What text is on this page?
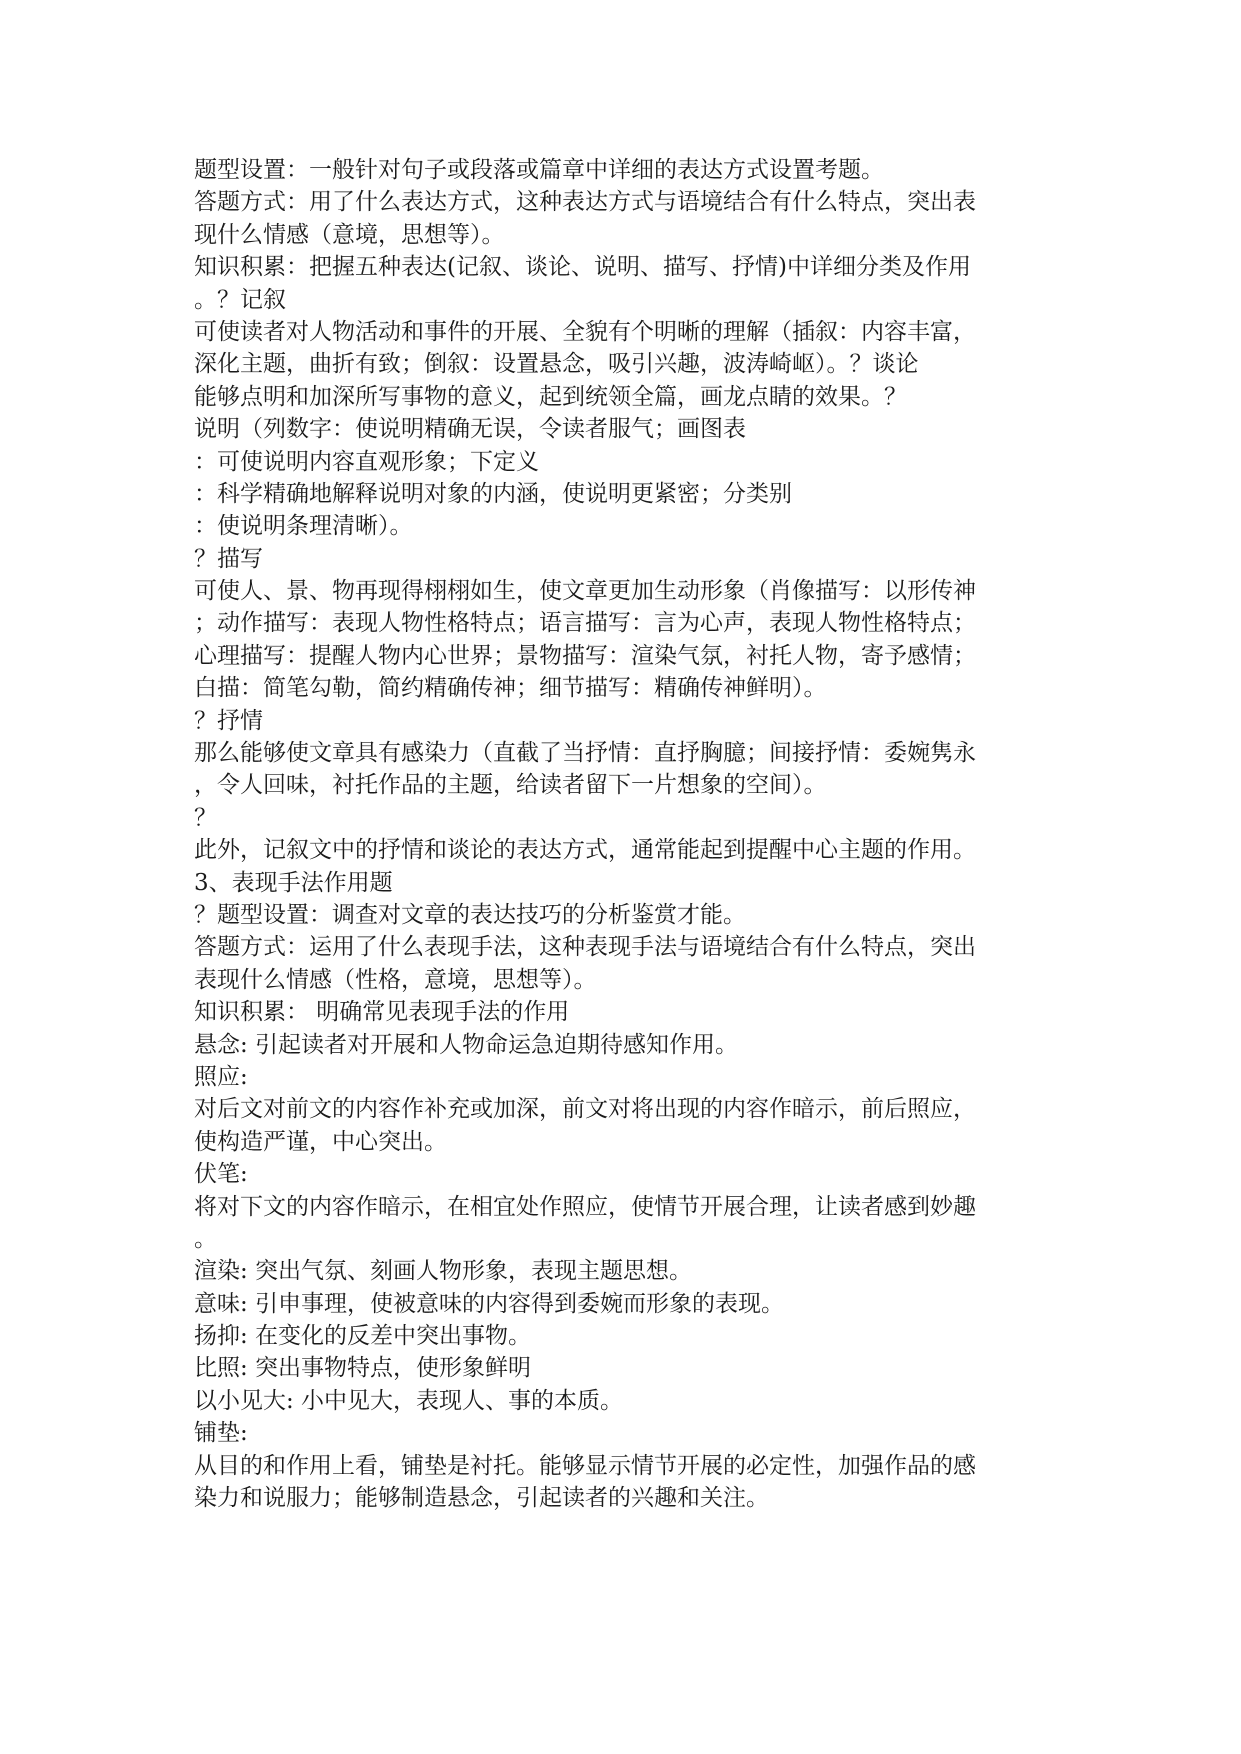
题型设置：一般针对句子或段落或篇章中详细的表达方式设置考题。

答题方式：用了什么表达方式，这种表达方式与语境结合有什么特点，突出表

现什么情感（意境，思想等）。

知识积累：把握五种表达(记叙、谈论、说明、描写、抒情)中详细分类及作用

。？记叙

可使读者对人物活动和事件的开展、全貌有个明晰的理解（插叙：内容丰富，

深化主题，曲折有致；倒叙：设置悬念，吸引兴趣，波涛崎岖）。？谈论

能够点明和加深所写事物的意义，起到统领全篇，画龙点睛的效果。？

说明（列数字：使说明精确无误，令读者服气；画图表

：可使说明内容直观形象；下定义

：科学精确地解释说明对象的内涵，使说明更紧密；分类别

：使说明条理清晰）。

？描写

可使人、景、物再现得栩栩如生，使文章更加生动形象（肖像描写：以形传神

；动作描写：表现人物性格特点；语言描写：言为心声，表现人物性格特点；

心理描写：提醒人物内心世界；景物描写：渲染气氛，衬托人物，寄予感情；

白描：简笔勾勒，简约精确传神；细节描写：精确传神鲜明）。

？抒情

那么能够使文章具有感染力（直截了当抒情：直抒胸臆；间接抒情：委婉隽永

，令人回味，衬托作品的主题，给读者留下一片想象的空间）。

？

此外，记叙文中的抒情和谈论的表达方式，通常能起到提醒中心主题的作用。

3、表现手法作用题

？题型设置：调查对文章的表达技巧的分析鉴赏才能。

答题方式：运用了什么表现手法，这种表现手法与语境结合有什么特点，突出

表现什么情感（性格，意境，思想等）。

知识积累： 明确常见表现手法的作用

悬念: 引起读者对开展和人物命运急迫期待感知作用。

照应:

对后文对前文的内容作补充或加深，前文对将出现的内容作暗示，前后照应，

使构造严谨，中心突出。

伏笔:

将对下文的内容作暗示，在相宜处作照应，使情节开展合理，让读者感到妙趣

。

渲染: 突出气氛、刻画人物形象，表现主题思想。

意味: 引申事理，使被意味的内容得到委婉而形象的表现。

扬抑: 在变化的反差中突出事物。

比照: 突出事物特点，使形象鲜明

以小见大: 小中见大，表现人、事的本质。

铺垫:

从目的和作用上看，铺垫是衬托。能够显示情节开展的必定性，加强作品的感

染力和说服力；能够制造悬念，引起读者的兴趣和关注。
